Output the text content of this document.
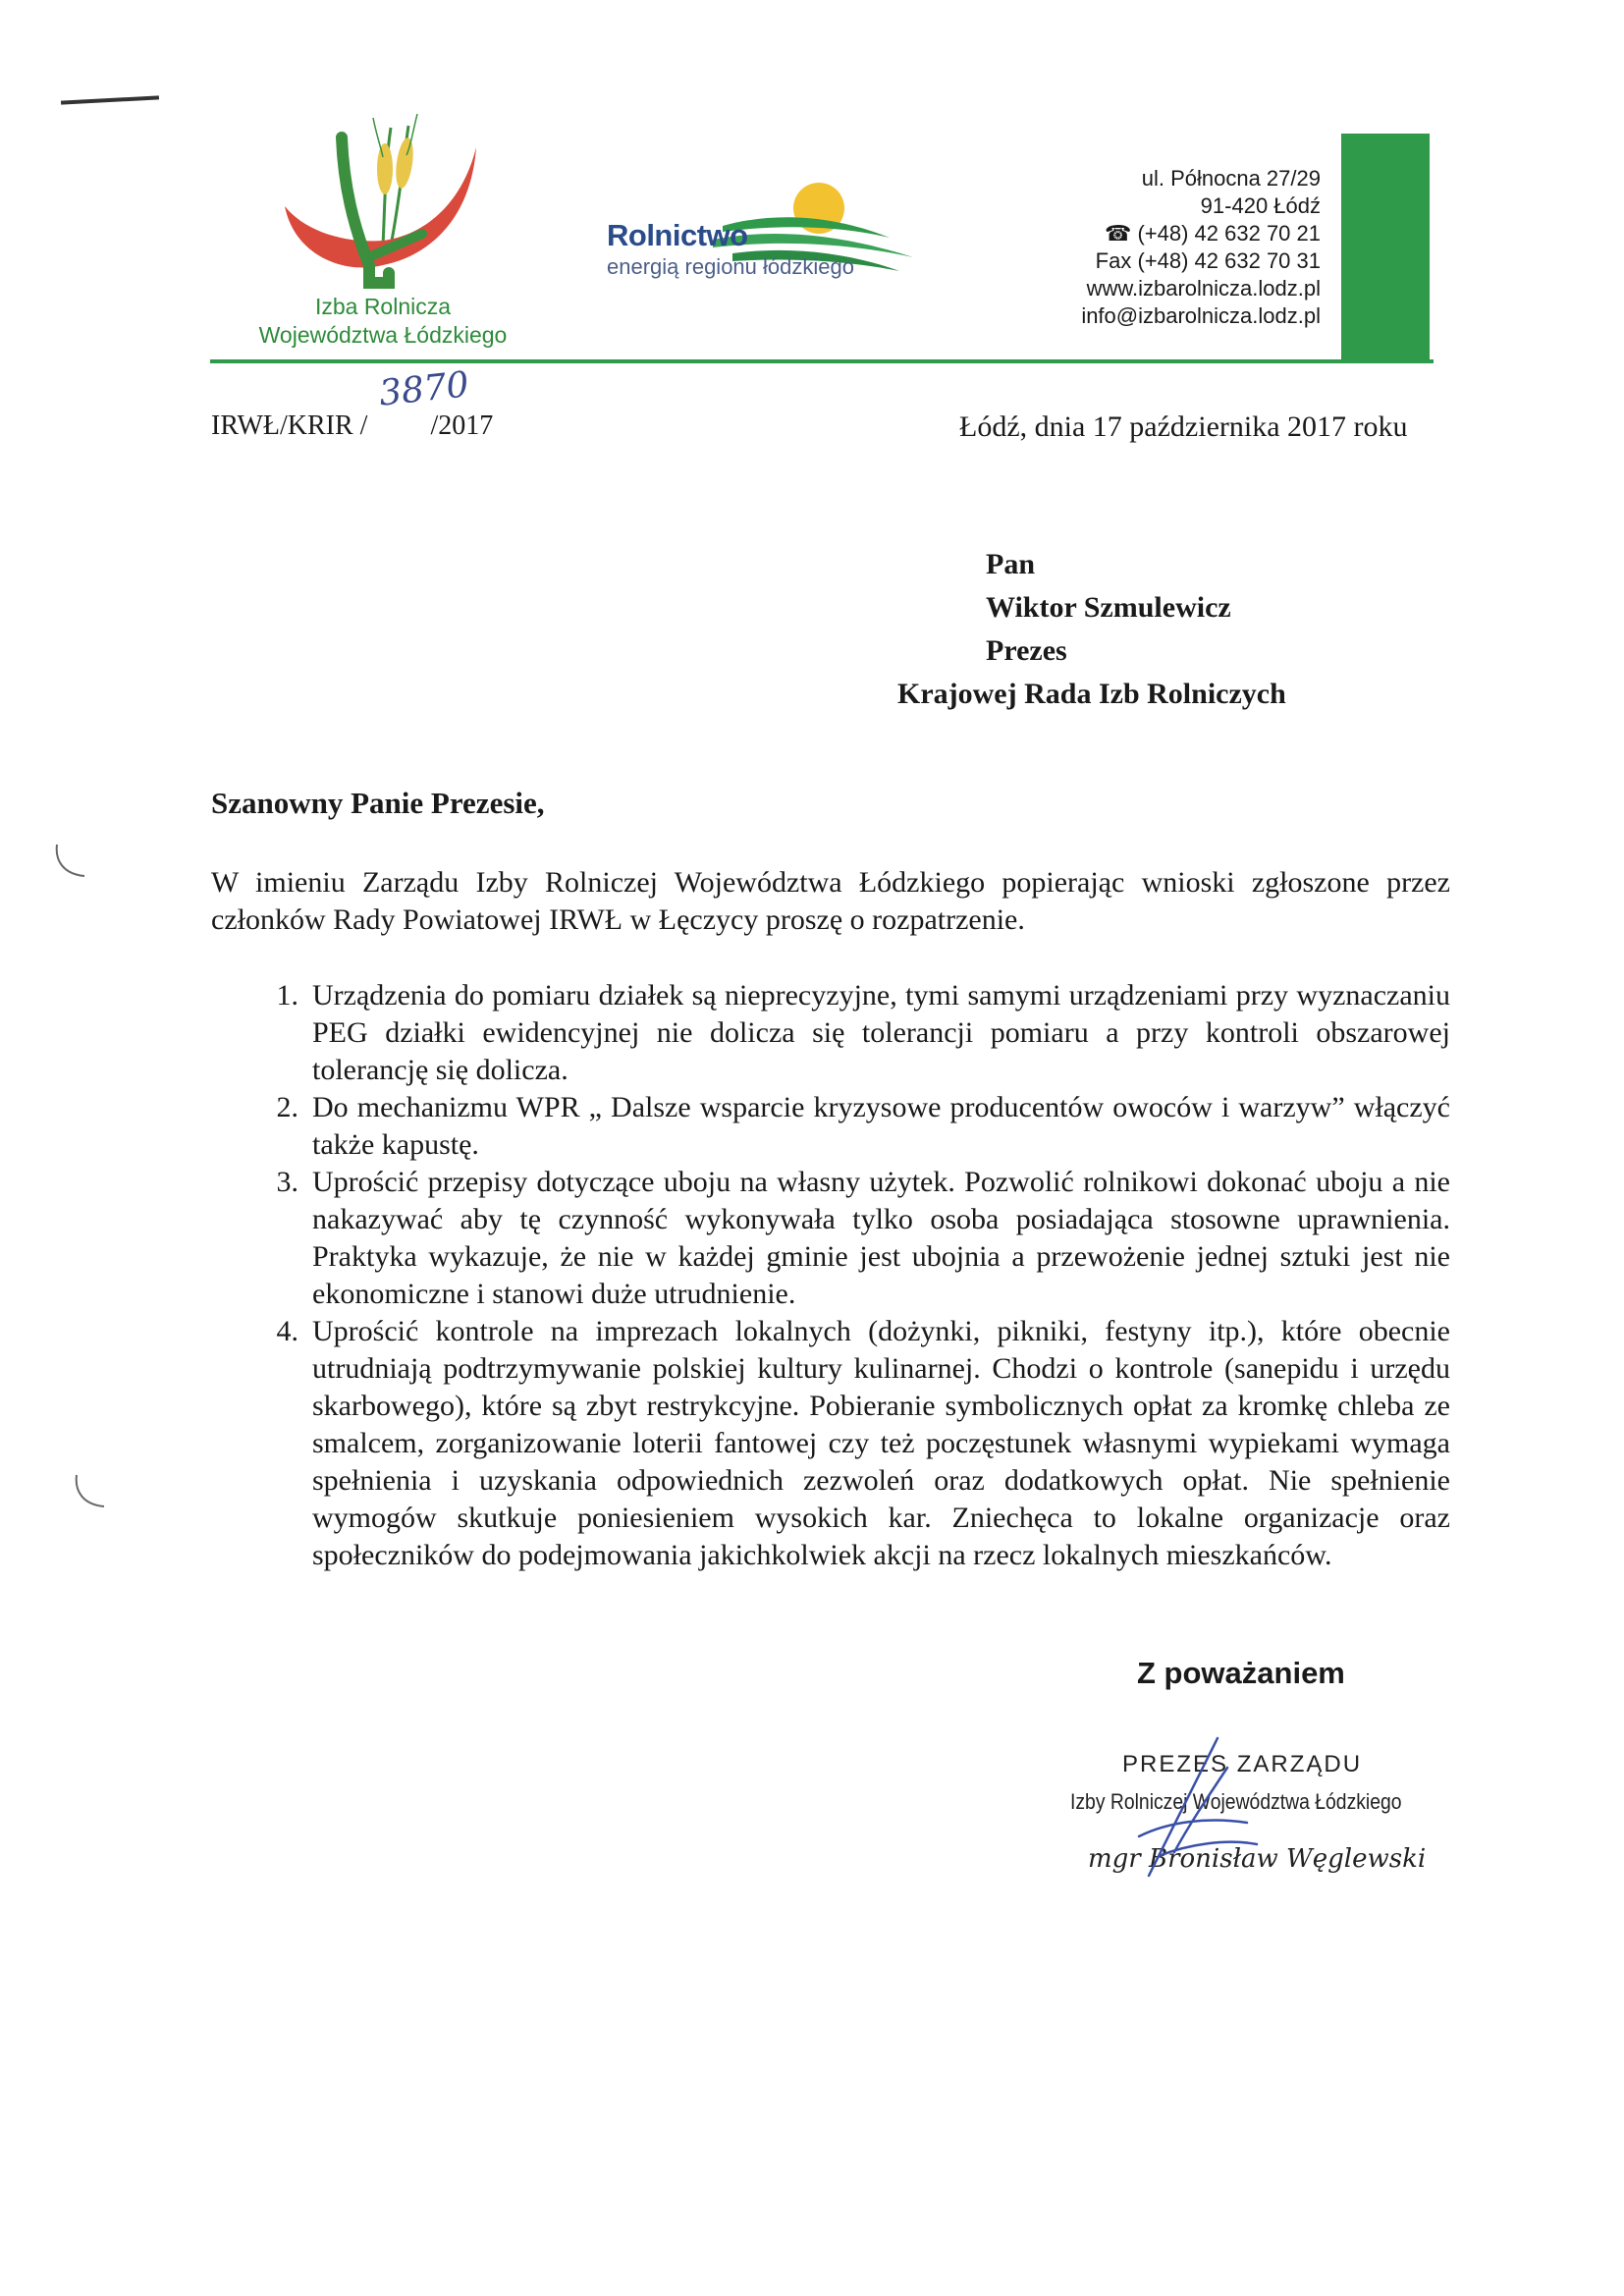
Izba Rolnicza
Województwa Łódzkiego
Rolnictwo
energią regionu łódzkiego
ul. Północna 27/29
91-420 Łódź
☎ (+48) 42 632 70 21
Fax (+48) 42 632 70 31
www.izbarolnicza.lodz.pl
info@izbarolnicza.lodz.pl
IRWŁ/KRIR / /2017
3870
Łódź, dnia 17 października 2017 roku
Pan
Wiktor Szmulewicz
Prezes
Krajowej Rada Izb Rolniczych
Szanowny Panie Prezesie,
W imieniu Zarządu Izby Rolniczej Województwa Łódzkiego popierając wnioski zgłoszone przez członków Rady Powiatowej IRWŁ w Łęczycy proszę o rozpatrzenie.
1. Urządzenia do pomiaru działek są nieprecyzyjne, tymi samymi urządzeniami przy wyznaczaniu PEG działki ewidencyjnej nie dolicza się tolerancji pomiaru a przy kontroli obszarowej tolerancję się dolicza.
2. Do mechanizmu WPR „ Dalsze wsparcie kryzysowe producentów owoców i warzyw” włączyć także kapustę.
3. Uprościć przepisy dotyczące uboju na własny użytek. Pozwolić rolnikowi dokonać uboju a nie nakazywać aby tę czynność wykonywała tylko osoba posiadająca stosowne uprawnienia. Praktyka wykazuje, że nie w każdej gminie jest ubojnia a przewożenie jednej sztuki jest nie ekonomiczne i stanowi duże utrudnienie.
4. Uprościć kontrole na imprezach lokalnych (dożynki, pikniki, festyny itp.), które obecnie utrudniają podtrzymywanie polskiej kultury kulinarnej. Chodzi o kontrole (sanepidu i urzędu skarbowego), które są zbyt restrykcyjne. Pobieranie symbolicznych opłat za kromkę chleba ze smalcem, zorganizowanie loterii fantowej czy też poczęstunek własnymi wypiekami wymaga spełnienia i uzyskania odpowiednich zezwoleń oraz dodatkowych opłat. Nie spełnienie wymogów skutkuje poniesieniem wysokich kar. Zniechęca to lokalne organizacje oraz społeczników do podejmowania jakichkolwiek akcji na rzecz lokalnych mieszkańców.
Z poważaniem
PREZES ZARZĄDU
Izby Rolniczej Województwa Łódzkiego
mgr Bronisław Węglewski
